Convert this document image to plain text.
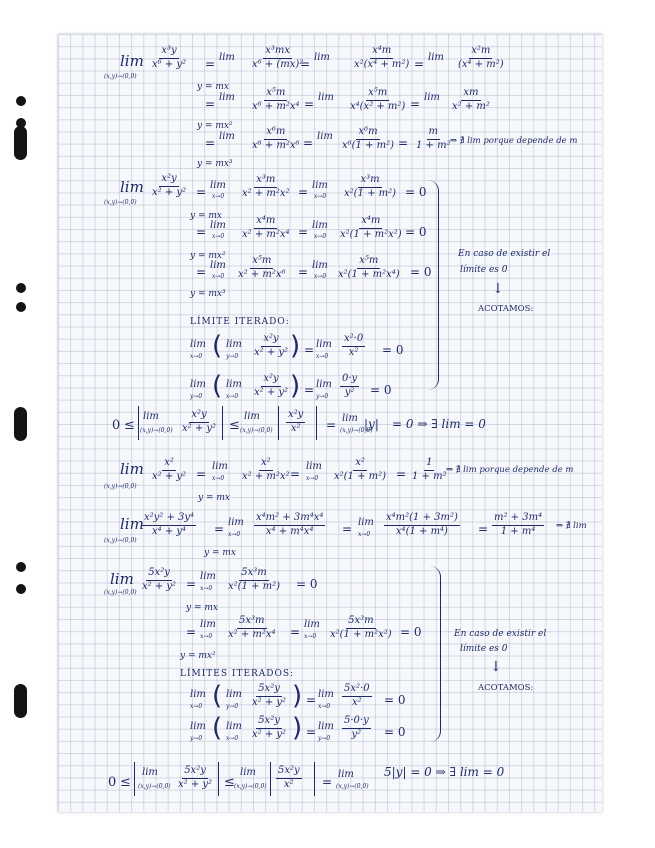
lim
(x,y)→(0,0)
$\frac{\text{x³y}}{\text{x⁶ + y²}} = \lim \frac{\text{x³mx}}{\text{x⁶ + (mx)²}}$
= $\lim \frac{\text{x⁴m}}{\text{x²(x⁴ + m²)}} = \lim \frac{\text{x²m}}{\text{(x⁴ + m²)}}$
y = mx
= $\lim \frac{\text{x⁵m}}{\text{x⁶ + m²x⁴}} = \lim \frac{\text{x⁵m}}{\text{x⁴(x² + m²)}} = \lim \frac{xm}{\text{x² + m²}}$
y = mx²
= $\lim \frac{\text{x⁶m}}{\text{x⁶ + m²x⁶}} = \lim \frac{\text{x⁶m}}{\text{x⁶(1 + m²)}} = \frac{m}{\text{1 + m²}}$
⇒ ∄ lim porque depende de m
y = mx³
lim
(x,y)→(0,0)
$\frac{\text{x²y}}{\text{x² + y²}} = \lim$
$x\to 0 \frac{\text{x³m}}{\text{x² + m²x²}} = \lim$
$x\to 0 \frac{\text{x³m}}{\text{x²(1 + m²)}} = 0$
y = mx
= lim
$x\to 0 \frac{\text{x⁴m}}{\text{x² + m²x⁴}} = \lim$
$x\to 0 \frac{\text{x⁴m}}{\text{x²(1 + m²x²)}} = 0$
y = mx²
= lim
$x\to 0 \frac{\text{x⁵m}}{\text{x² + m²x⁶}} = \lim$
$x\to 0 \frac{\text{x⁵m}}{\text{x²(1 + m²x⁴)}} = 0$
y = mx³
LÍMITE ITERADO:
lim
x→0 ( lim
$y\to 0 \frac{\text{x²y}}{\text{x² + y²}}$ ) = lim
$x\to 0 \frac{\text{x²·0}}{\text{x²}} = 0$
lim
y→0 ( lim
$x\to 0 \frac{\text{x²y}}{\text{x² + y²}}$ ) = lim
$y\to 0 \frac{0\cdot y}{\text{y²}} = 0$
En caso de existir el
límite es 0
↓
ACOTAMOS:
0 ≤
lim
$(x,y)\to(0,0) \frac{\text{x²y}}{\text{x² + y²}}$ ≤
lim
$(x,y)\to(0,0) \frac{\text{x²y}}{\text{x²}} = \lim$
(x,y)→(0,0)
|y| = 0 ⇒ ∃ lim = 0
lim
(x,y)→(0,0)
$\frac{\text{x²}}{\text{x² + y²}}$ =
lim
$x\to 0 \frac{\text{x²}}{\text{x² + m²x²}}$
=
lim
$x\to 0 \frac{\text{x²}}{\text{x²(1 + m²)}} = \frac{1}{\text{1 + m²}}$
⇒ ∄ lim porque depende de m
y = mx
lim
(x,y)→(0,0)
$\frac{\text{x²y² + 3y⁴}}{\text{x⁴ + y⁴}} = \lim$
$x\to 0 \frac{\text{x⁴m² + 3m⁴x⁴}}{\text{x⁴ + m⁴x⁴}} = \lim$
$x\to 0 \frac{\text{x⁴m²(1 + 3m²)}}{\text{x⁴(1 + m⁴)}} = \frac{\text{m² + 3m⁴}}{\text{1 + m⁴}}$ ⇒ ∄ lim
y = mx
lim
(x,y)→(0,0)
$\frac{\text{5x²y}}{\text{x² + y²}}$ =
lim
$x\to 0 \frac{\text{5x³m}}{\text{x²(1 + m²)}} = 0$
y = mx
=
lim
$x\to 0 \frac{\text{5x³m}}{\text{x² + m²x⁴}}$ =
lim
$x\to 0 \frac{\text{5x³m}}{\text{x²(1 + m²x²)}} = 0$
y = mx²
LÍMITES ITERADOS:
lim
x→0 ( lim
$y\to 0 \frac{\text{5x²y}}{\text{x² + y²}}$ ) = lim
$x\to 0 \frac{\text{5x²·0}}{\text{x²}} = 0$
lim
y→0 ( lim
$x\to 0 \frac{\text{5x²y}}{\text{x² + y²}}$ ) = lim
$y\to 0 \frac{5\cdot 0\cdot y}{\text{y²}} = 0$
En caso de existir el
límite es 0
↓
ACOTAMOS:
0 ≤
lim
$(x,y)\to(0,0) \frac{\text{5x²y}}{\text{x² + y²}}$ ≤
lim
$(x,y)\to(0,0) \frac{\text{5x²y}}{\text{x²}}$ =
lim
(x,y)→(0,0)
5|y| = 0 ⇒ ∃ lim = 0
